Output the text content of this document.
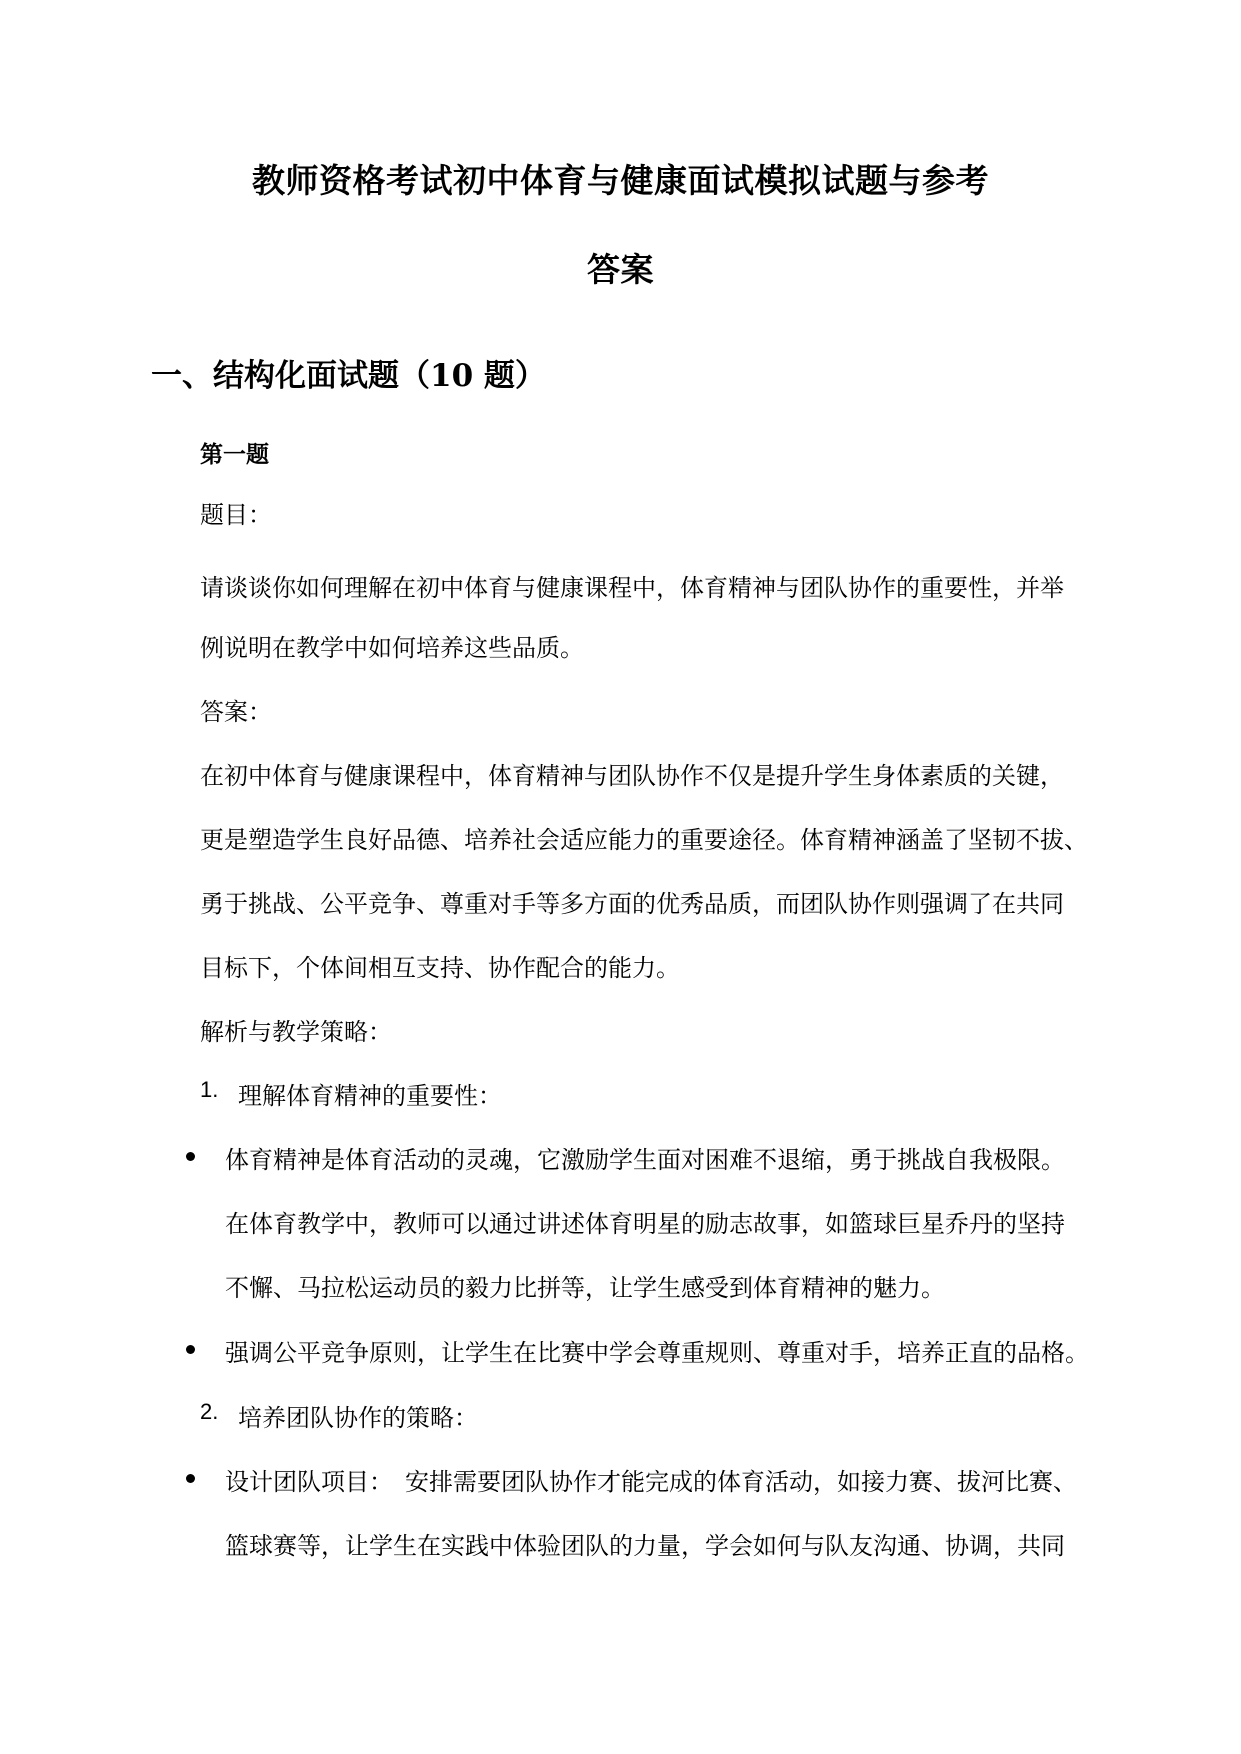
教师资格考试初中体育与健康面试模拟试题与参考
答案
一、结构化面试题（10 题）
第一题
题目：
请谈谈你如何理解在初中体育与健康课程中，体育精神与团队协作的重要性，并举
例说明在教学中如何培养这些品质。
答案：
在初中体育与健康课程中，体育精神与团队协作不仅是提升学生身体素质的关键，
更是塑造学生良好品德、培养社会适应能力的重要途径。体育精神涵盖了坚韧不拔、
勇于挑战、公平竞争、尊重对手等多方面的优秀品质，而团队协作则强调了在共同
目标下，个体间相互支持、协作配合的能力。
解析与教学策略：
1. 理解体育精神的重要性：
体育精神是体育活动的灵魂，它激励学生面对困难不退缩，勇于挑战自我极限。
在体育教学中，教师可以通过讲述体育明星的励志故事，如篮球巨星乔丹的坚持
不懈、马拉松运动员的毅力比拼等，让学生感受到体育精神的魅力。
强调公平竞争原则，让学生在比赛中学会尊重规则、尊重对手，培养正直的品格。
2. 培养团队协作的策略：
设计团队项目：　安排需要团队协作才能完成的体育活动，如接力赛、拔河比赛、
篮球赛等，让学生在实践中体验团队的力量，学会如何与队友沟通、协调，共同
